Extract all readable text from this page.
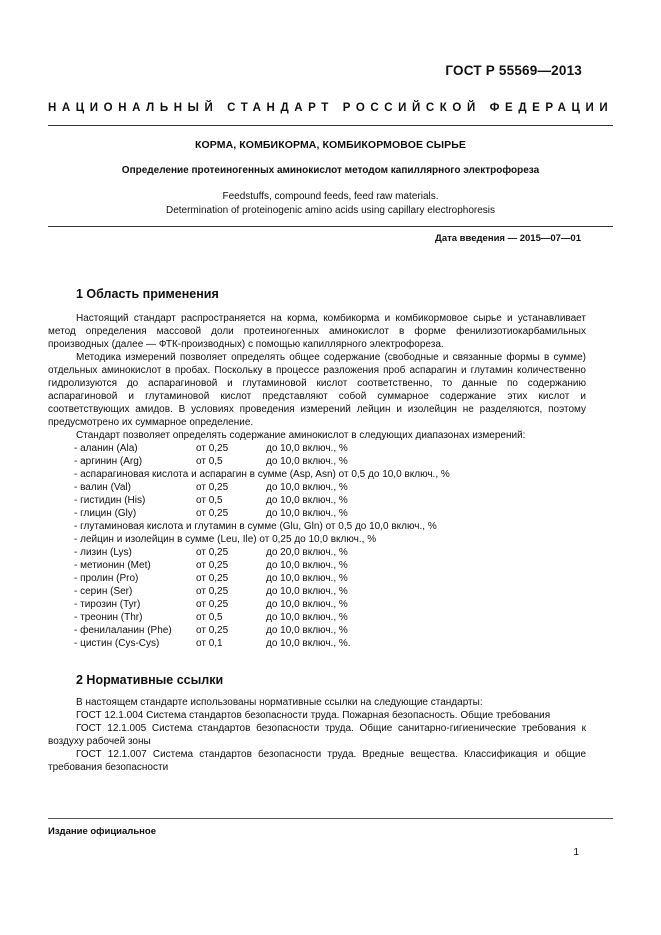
ГОСТ Р 55569—2013
НАЦИОНАЛЬНЫЙ СТАНДАРТ РОССИЙСКОЙ ФЕДЕРАЦИИ
КОРМА, КОМБИКОРМА, КОМБИКОРМОВОЕ СЫРЬЕ
Определение протеиногенных аминокислот методом капиллярного электрофореза
Feedstuffs, compound feeds, feed raw materials.
Determination of proteinogenic amino acids using capillary electrophoresis
Дата введения — 2015—07—01
1 Область применения

Настоящий стандарт распространяется на корма, комбикорма и комбикормовое сырье и устанавливает метод определения массовой доли протеиногенных аминокислот в форме фенилизотиокарбамильных производных (далее — ФТК-производных) с помощью капиллярного электрофореза.

Методика измерений позволяет определять общее содержание (свободные и связанные формы в сумме) отдельных аминокислот в пробах. Поскольку в процессе разложения проб аспарагин и глутамин количественно гидролизуются до аспарагиновой и глутаминовой кислот соответственно, то данные по содержанию аспарагиновой и глутаминовой кислот представляют собой суммарное содержание этих кислот и соответствующих амидов. В условиях проведения измерений лейцин и изолейцин не разделяются, поэтому предусмотрено их суммарное определение.

Стандарт позволяет определять содержание аминокислот в следующих диапазонах измерений:

- аланин (Ala)	от 0,25	до 10,0 включ., %
- аргинин (Arg)	от 0,5	до 10,0 включ., %
- аспарагиновая кислота и аспарагин в сумме (Asp, Asn) от 0,5 до 10,0 включ., %
- валин (Val)	от 0,25	до 10,0 включ., %
- гистидин (His)	от 0,5	до 10,0 включ., %
- глицин (Gly)	от 0,25	до 10,0 включ., %
- глутаминовая кислота и глутамин в сумме (Glu, Gln) от 0,5 до 10,0 включ., %
- лейцин и изолейцин в сумме (Leu, Ile) от 0,25 до 10,0 включ., %
- лизин (Lys)	от 0,25	до 20,0 включ., %
- метионин (Met)	от 0,25	до 10,0 включ., %
- пролин (Pro)	от 0,25	до 10,0 включ., %
- серин (Ser)	от 0,25	до 10,0 включ., %
- тирозин (Tyr)	от 0,25	до 10,0 включ., %
- треонин (Thr)	от 0,5	до 10,0 включ., %
- фенилаланин (Phe) от 0,25	до 10,0 включ., %
- цистин (Cys-Cys)	от 0,1	до 10,0 включ., %.
2 Нормативные ссылки

В настоящем стандарте использованы нормативные ссылки на следующие стандарты:

ГОСТ 12.1.004 Система стандартов безопасности труда. Пожарная безопасность. Общие требования

ГОСТ 12.1.005 Система стандартов безопасности труда. Общие санитарно-гигиенические требования к воздуху рабочей зоны

ГОСТ 12.1.007 Система стандартов безопасности труда. Вредные вещества. Классификация и общие требования безопасности

Издание официальное
1
